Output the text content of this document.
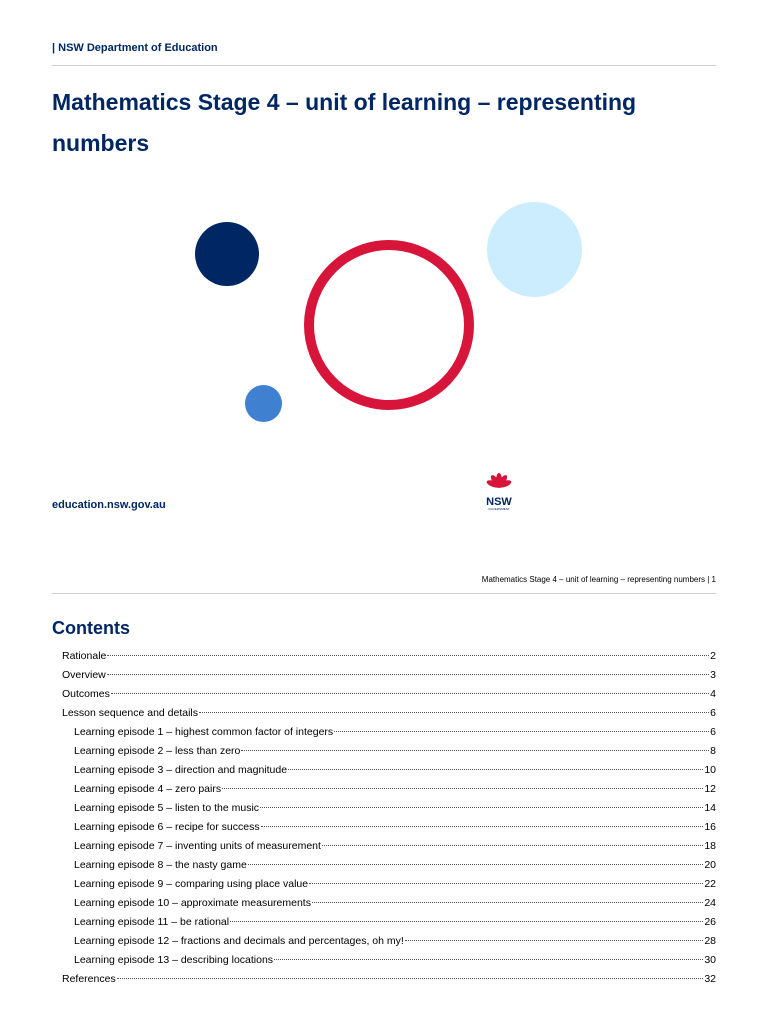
| NSW Department of Education
Mathematics Stage 4 – unit of learning – representing numbers
education.nsw.gov.au	NSW
GOVERNMENT
Mathematics Stage 4 – unit of learning – representing numbers | 1
Contents
Rationale	2
Overview	3
Outcomes	4
Lesson sequence and details	6
Learning episode 1 – highest common factor of integers	6
Learning episode 2 – less than zero	8
Learning episode 3 – direction and magnitude	10
Learning episode 4 – zero pairs	12
Learning episode 5 – listen to the music	14
Learning episode 6 – recipe for success	16
Learning episode 7 – inventing units of measurement	18
Learning episode 8 – the nasty game	20
Learning episode 9 – comparing using place value	22
Learning episode 10 – approximate measurements	24
Learning episode 11 – be rational	26
Learning episode 12 – fractions and decimals and percentages, oh my!	28
Learning episode 13 – describing locations	30
References	32
